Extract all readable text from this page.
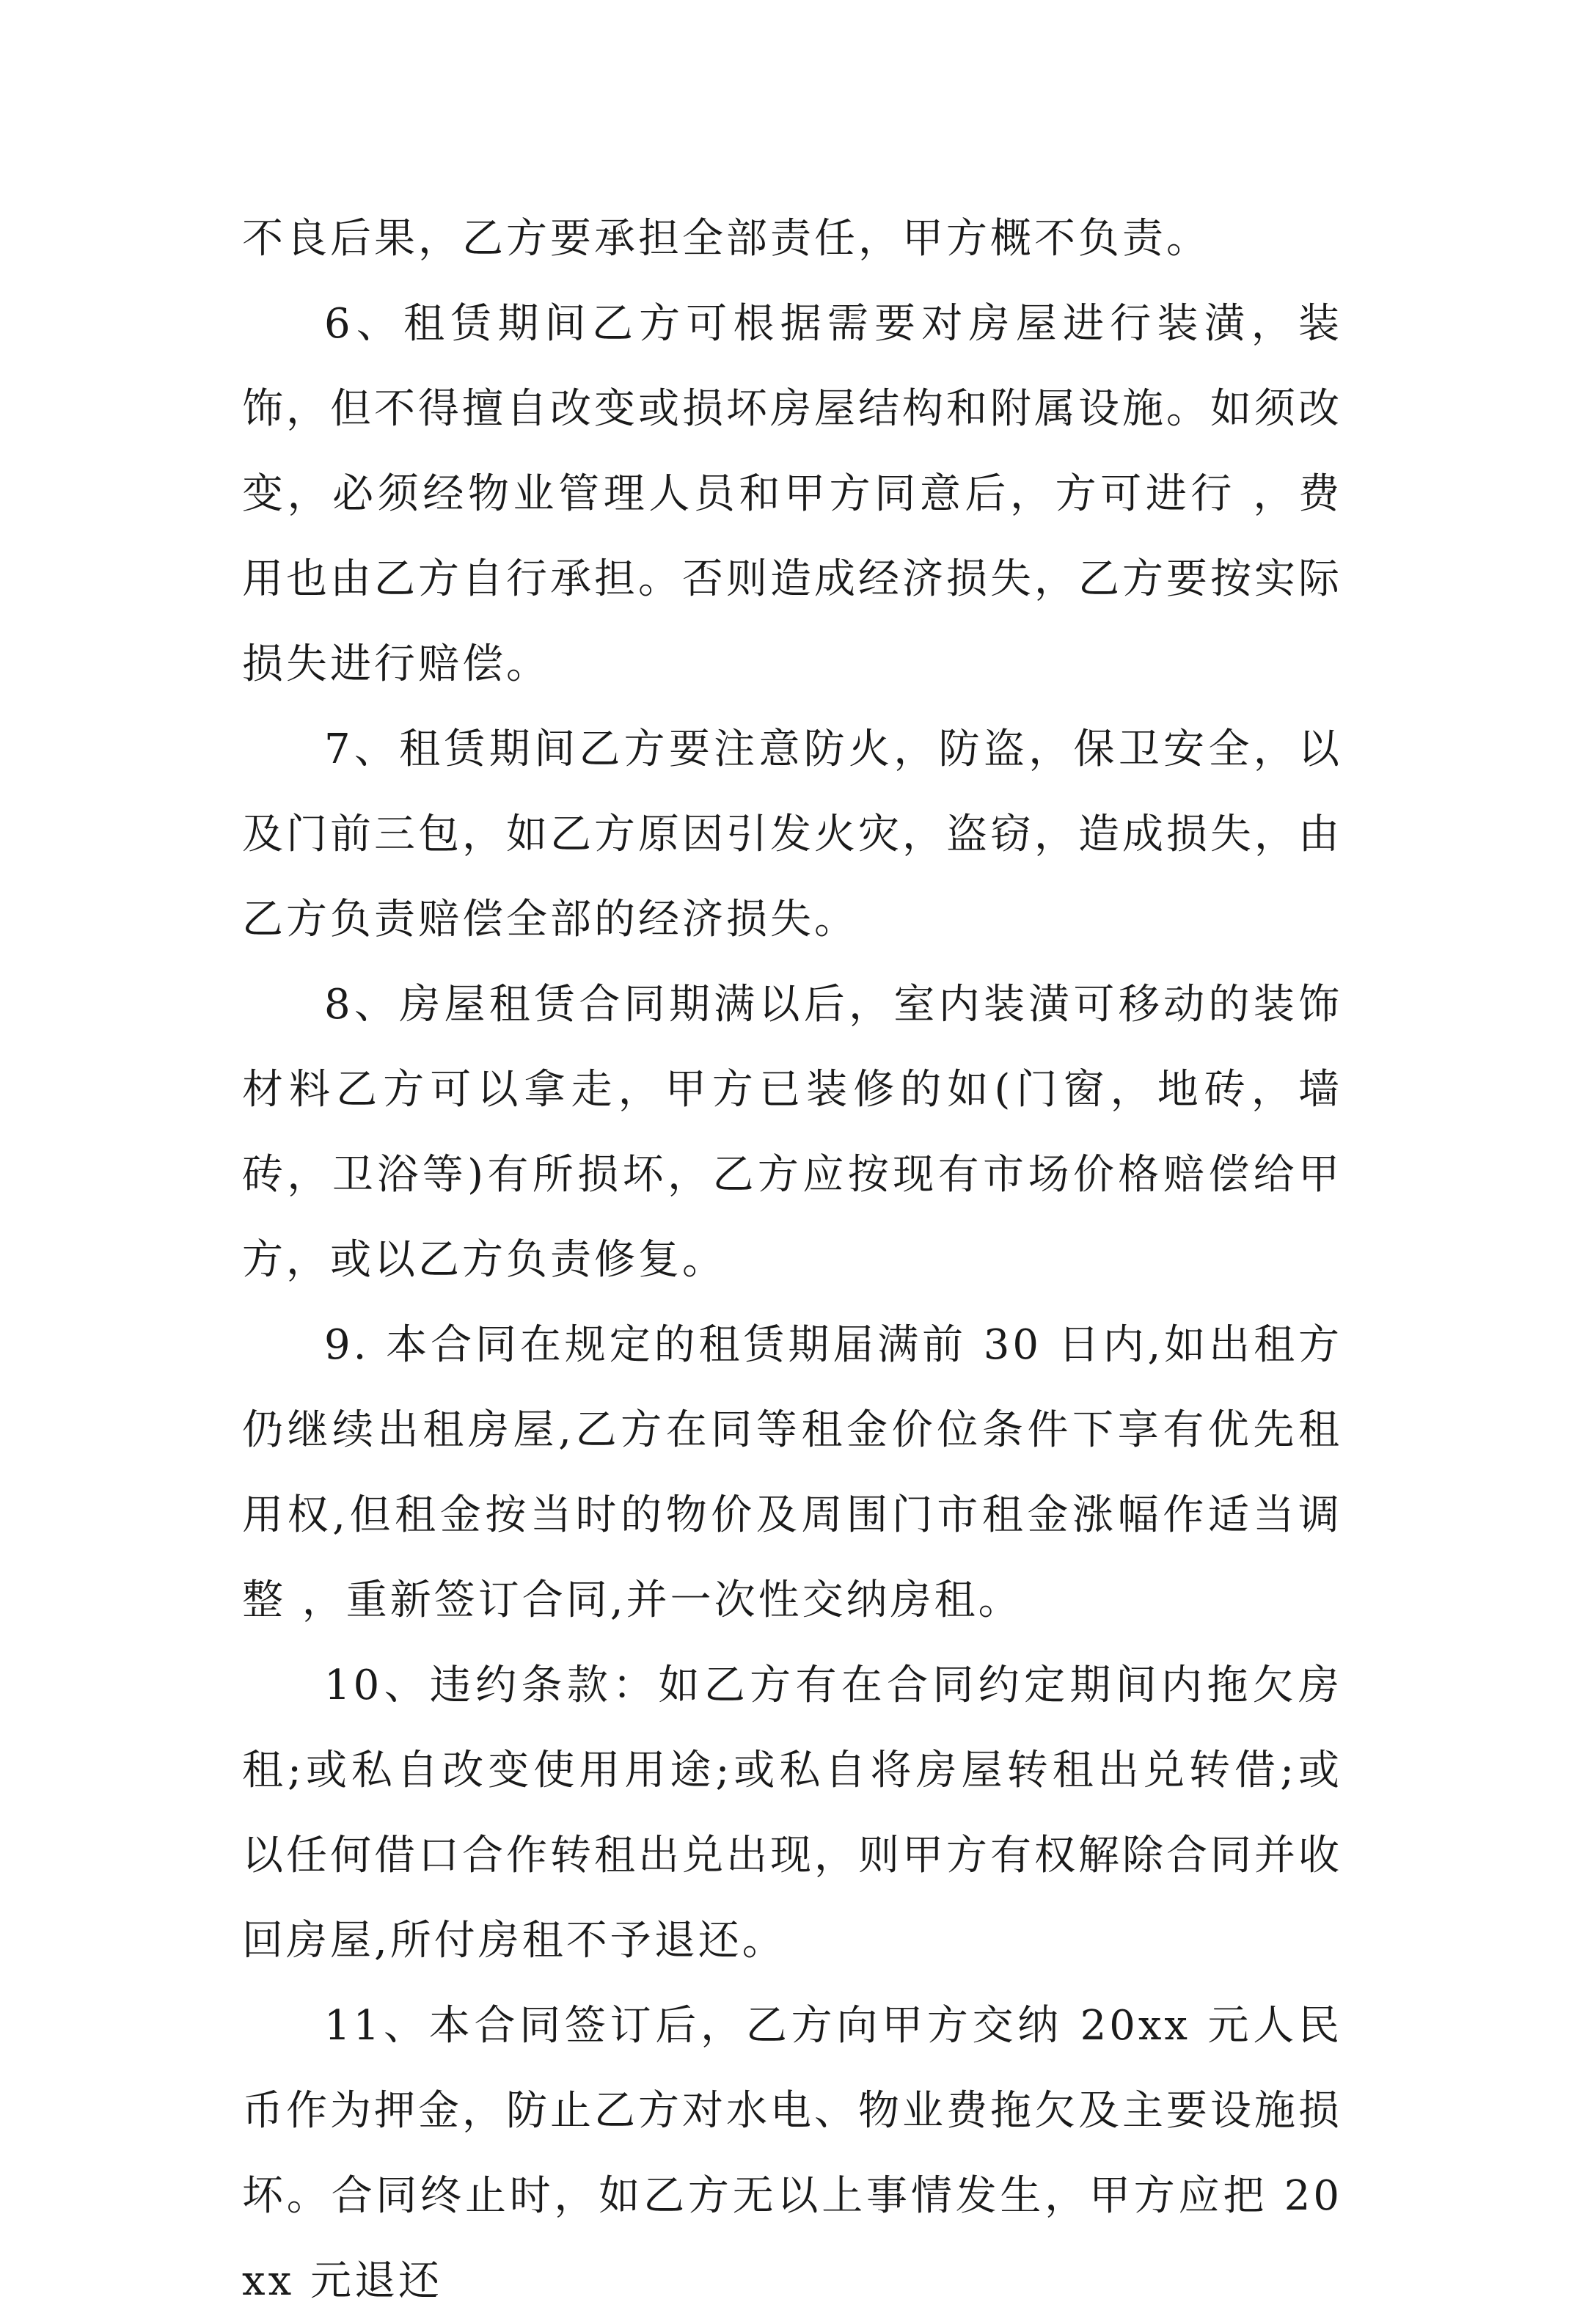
不良后果，乙方要承担全部责任，甲方概不负责。

6、租赁期间乙方可根据需要对房屋进行装潢，装饰，但不得擅自改变或损坏房屋结构和附属设施。如须改变，必须经物业管理人员和甲方同意后，方可进行 ，费用也由乙方自行承担。否则造成经济损失，乙方要按实际损失进行赔偿。

7、租赁期间乙方要注意防火，防盗，保卫安全，以及门前三包，如乙方原因引发火灾，盗窃，造成损失，由乙方负责赔偿全部的经济损失。

8、房屋租赁合同期满以后，室内装潢可移动的装饰材料乙方可以拿走，甲方已装修的如(门窗，地砖，墙砖，卫浴等)有所损坏，乙方应按现有市场价格赔偿给甲方，或以乙方负责修复。

9. 本合同在规定的租赁期届满前 30 日内,如出租方仍继续出租房屋,乙方在同等租金价位条件下享有优先租用权,但租金按当时的物价及周围门市租金涨幅作适当调整 ，重新签订合同,并一次性交纳房租。

10、违约条款：如乙方有在合同约定期间内拖欠房租;或私自改变使用用途;或私自将房屋转租出兑转借;或以任何借口合作转租出兑出现，则甲方有权解除合同并收回房屋,所付房租不予退还。

11、本合同签订后，乙方向甲方交纳 20xx 元人民币作为押金，防止乙方对水电、物业费拖欠及主要设施损坏。合同终止时，如乙方无以上事情发生，甲方应把 20xx 元退还
